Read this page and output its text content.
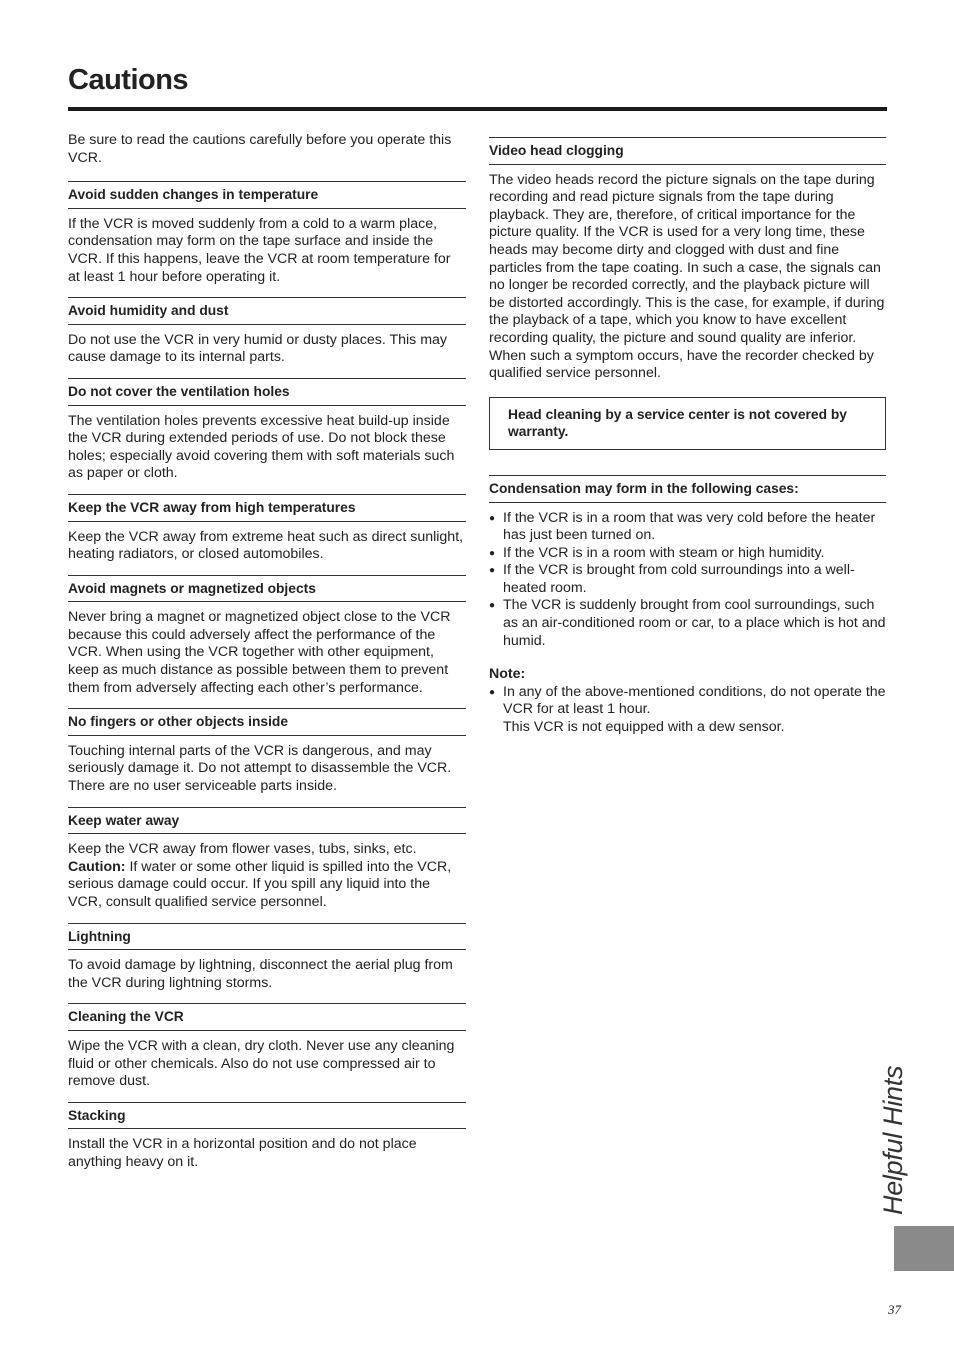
Cautions

Be sure to read the cautions carefully before you operate this VCR.

Avoid sudden changes in temperature

If the VCR is moved suddenly from a cold to a warm place, condensation may form on the tape surface and inside the VCR. If this happens, leave the VCR at room temperature for at least 1 hour before operating it.

Avoid humidity and dust

Do not use the VCR in very humid or dusty places. This may cause damage to its internal parts.

Do not cover the ventilation holes

The ventilation holes prevents excessive heat build-up inside the VCR during extended periods of use. Do not block these holes; especially avoid covering them with soft materials such as paper or cloth.

Keep the VCR away from high temperatures

Keep the VCR away from extreme heat such as direct sunlight, heating radiators, or closed automobiles.

Avoid magnets or magnetized objects

Never bring a magnet or magnetized object close to the VCR because this could adversely affect the performance of the VCR. When using the VCR together with other equipment, keep as much distance as possible between them to prevent them from adversely affecting each other’s performance.

No fingers or other objects inside

Touching internal parts of the VCR is dangerous, and may seriously damage it. Do not attempt to disassemble the VCR. There are no user serviceable parts inside.

Keep water away

Keep the VCR away from flower vases, tubs, sinks, etc.
Caution: If water or some other liquid is spilled into the VCR, serious damage could occur. If you spill any liquid into the VCR, consult qualified service personnel.

Lightning

To avoid damage by lightning, disconnect the aerial plug from the VCR during lightning storms.

Cleaning the VCR

Wipe the VCR with a clean, dry cloth. Never use any cleaning fluid or other chemicals. Also do not use compressed air to remove dust.

Stacking

Install the VCR in a horizontal position and do not place anything heavy on it.

Video head clogging

The video heads record the picture signals on the tape during recording and read picture signals from the tape during playback. They are, therefore, of critical importance for the picture quality. If the VCR is used for a very long time, these heads may become dirty and clogged with dust and fine particles from the tape coating. In such a case, the signals can no longer be recorded correctly, and the playback picture will be distorted accordingly. This is the case, for example, if during the playback of a tape, which you know to have excellent recording quality, the picture and sound quality are inferior. When such a symptom occurs, have the recorder checked by qualified service personnel.

Head cleaning by a service center is not covered by warranty.
Condensation may form in the following cases:
● If the VCR is in a room that was very cold before the heater has just been turned on.
● If the VCR is in a room with steam or high humidity.
● If the VCR is brought from cold surroundings into a well-heated room.
● The VCR is suddenly brought from cool surroundings, such as an air-conditioned room or car, to a place which is hot and humid.
Note:
● In any of the above-mentioned conditions, do not operate the VCR for at least 1 hour.
This VCR is not equipped with a dew sensor.
Helpful Hints
37
